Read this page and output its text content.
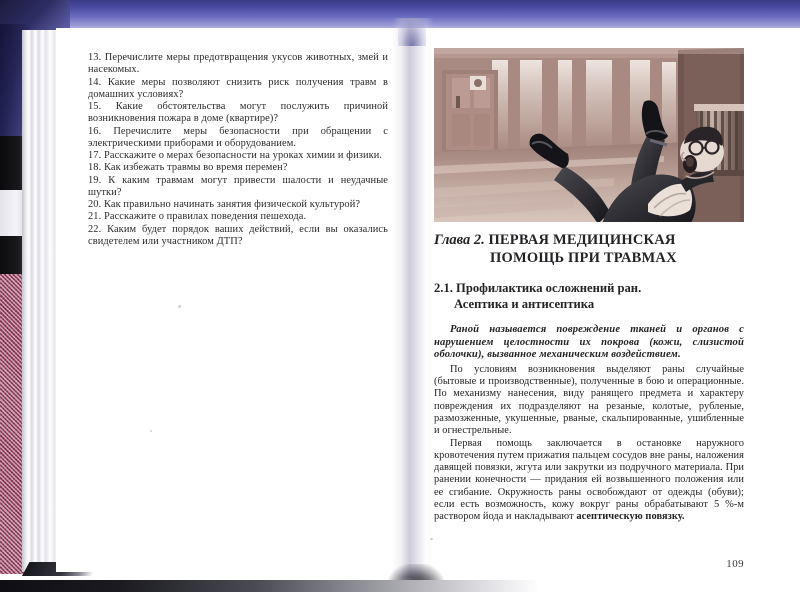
13. Перечислите меры предотвращения укусов животных, змей и насекомых.

14. Какие меры позволяют снизить риск получения травм в домашних условиях?

15. Какие обстоятельства могут послужить причиной возникновения пожара в доме (квартире)?

16. Перечислите меры безопасности при обращении с электрическими приборами и оборудованием.

17. Расскажите о мерах безопасности на уроках химии и физики.

18. Как избежать травмы во время перемен?

19. К каким травмам могут привести шалости и неудачные шутки?

20. Как правильно начинать занятия физической культурой?

21. Расскажите о правилах поведения пешехода.

22. Каким будет порядок ваших действий, если вы оказались свидетелем или участником ДТП?	Глава 2. ПЕРВАЯ МЕДИЦИНСКАЯ
ПОМОЩЬ ПРИ ТРАВМАХ
2.1. Профилактика осложнений ран.
Асептика и антисептика

Раной называется повреждение тканей и органов с нарушением целостности их покрова (кожи, слизистой оболочки), вызванное механическим воздействием.

По условиям возникновения выделяют раны случайные (бытовые и производственные), полученные в бою и операционные. По механизму нанесения, виду ранящего предмета и характеру повреждения их подразделяют на резаные, колотые, рубленые, размозженные, укушенные, рваные, скальпированные, ушибленные и огнестрельные.

Первая помощь заключается в остановке наружного кровотечения путем прижатия пальцем сосудов вне раны, наложения давящей повязки, жгута или закрутки из подручного материала. При ранении конечности — придания ей возвышенного положения или ее сгибание. Окружность раны освобождают от одежды (обуви); если есть возможность, кожу вокруг раны обрабатывают 5 %-м раствором йода и накладывают асептическую повязку.

109
